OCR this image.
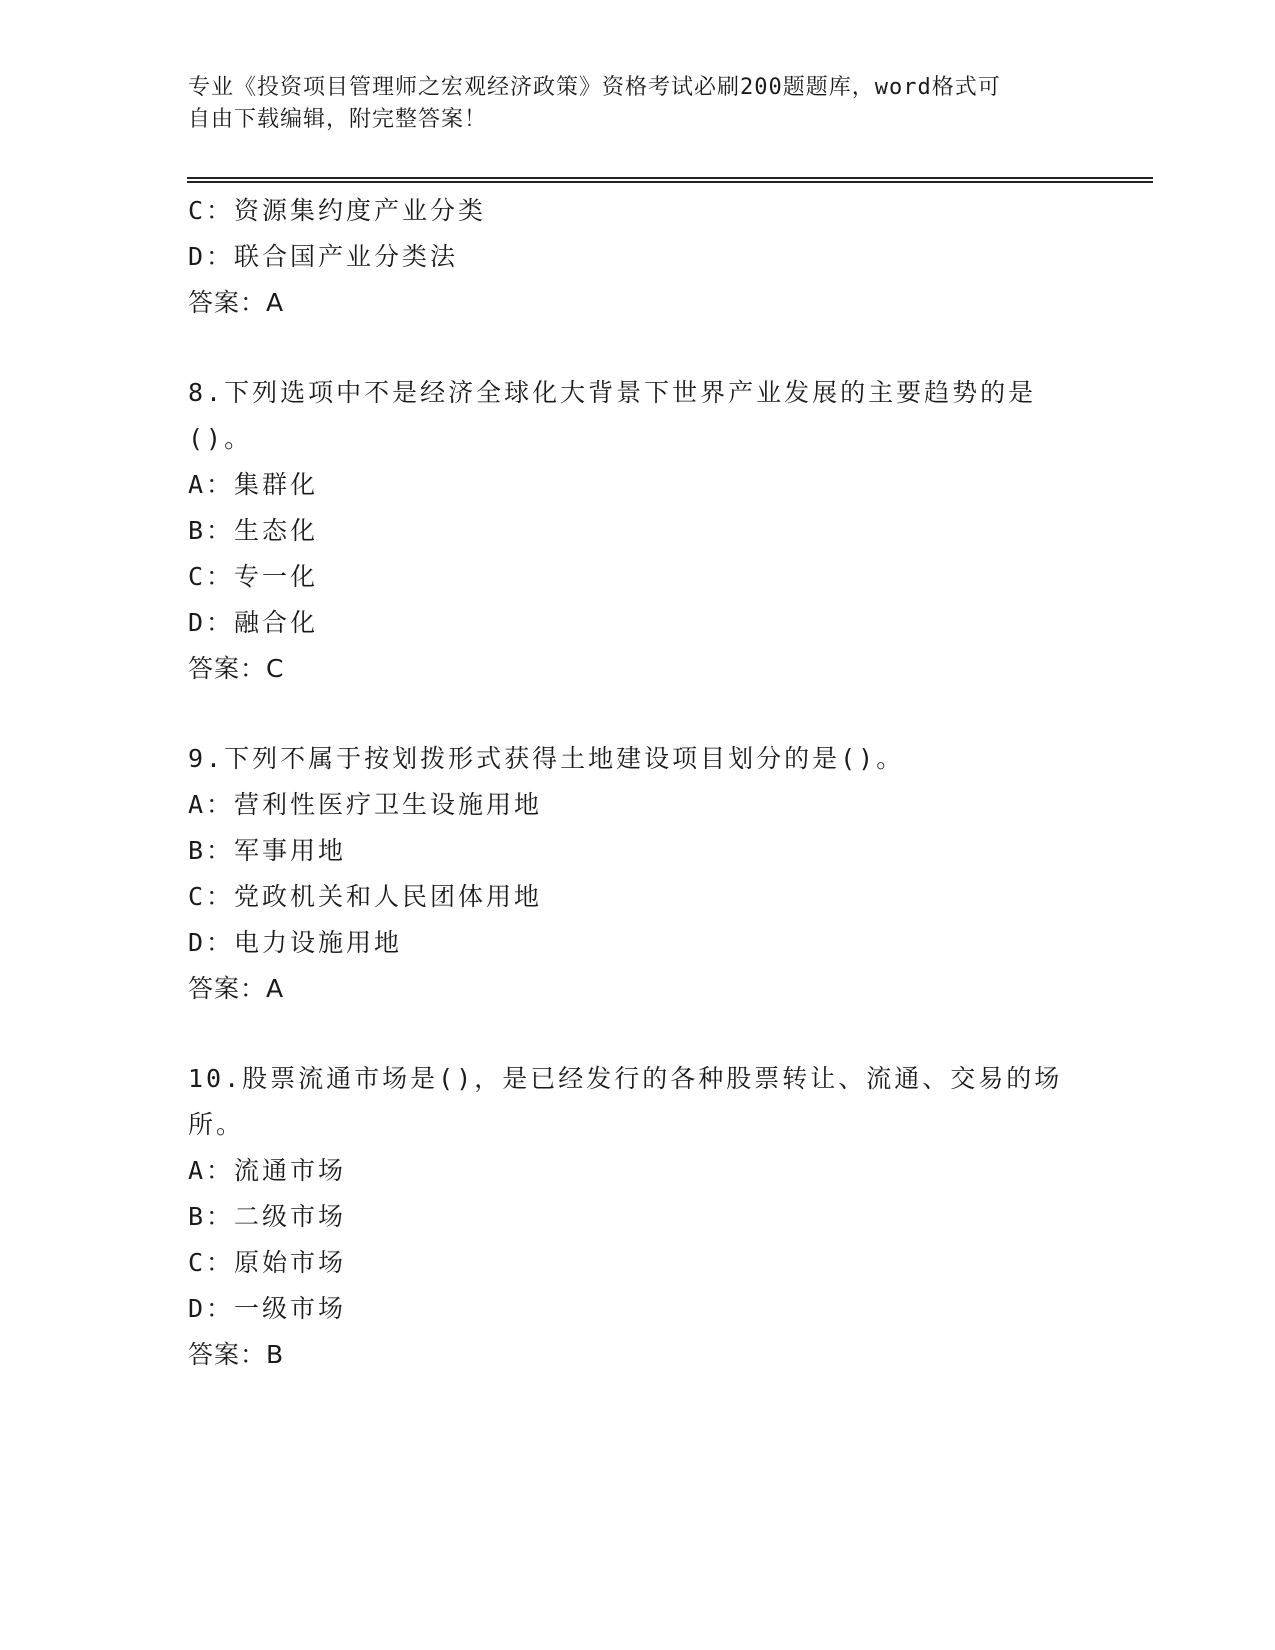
专业《投资项目管理师之宏观经济政策》资格考试必刷200题题库，word格式可
自由下载编辑，附完整答案！
C：资源集约度产业分类
D：联合国产业分类法
答案：A
8.下列选项中不是经济全球化大背景下世界产业发展的主要趋势的是
()。
A：集群化
B：生态化
C：专一化
D：融合化
答案：C
9.下列不属于按划拨形式获得土地建设项目划分的是()。
A：营利性医疗卫生设施用地
B：军事用地
C：党政机关和人民团体用地
D：电力设施用地
答案：A
10.股票流通市场是()，是已经发行的各种股票转让、流通、交易的场
所。
A：流通市场
B：二级市场
C：原始市场
D：一级市场
答案：B
